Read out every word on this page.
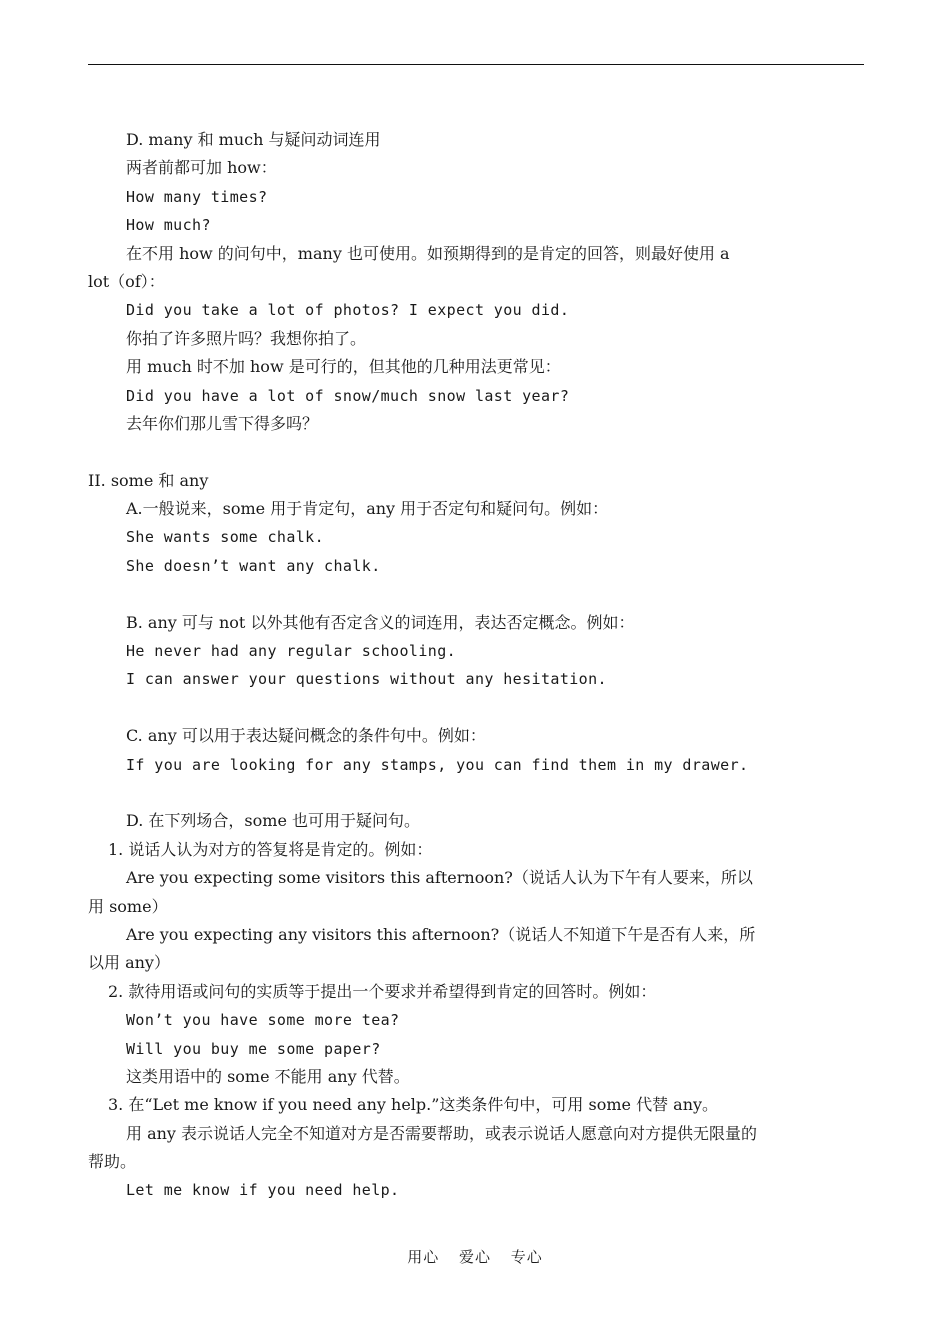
D. many 和 much 与疑问动词连用
两者前都可加 how：
How many times?
How much?
在不用 how 的问句中，many 也可使用。如预期得到的是肯定的回答，则最好使用 a
lot（of）：
Did you take a lot of photos? I expect you did.
你拍了许多照片吗？我想你拍了。
用 much 时不加 how 是可行的，但其他的几种用法更常见：
Did you have a lot of snow/much snow last year?
去年你们那儿雪下得多吗？
II. some 和 any
A.一般说来，some 用于肯定句，any 用于否定句和疑问句。例如：
She wants some chalk.
She doesn’t want any chalk.
B. any 可与 not 以外其他有否定含义的词连用，表达否定概念。例如：
He never had any regular schooling.
I can answer your questions without any hesitation.
C. any 可以用于表达疑问概念的条件句中。例如：
If you are looking for any stamps, you can find them in my drawer.
D. 在下列场合，some 也可用于疑问句。
1. 说话人认为对方的答复将是肯定的。例如：
Are you expecting some visitors this afternoon?（说话人认为下午有人要来，所以
用 some）
Are you expecting any visitors this afternoon?（说话人不知道下午是否有人来，所
以用 any）
2. 款待用语或问句的实质等于提出一个要求并希望得到肯定的回答时。例如：
Won’t you have some more tea?
Will you buy me some paper?
这类用语中的 some 不能用 any 代替。
3. 在“Let me know if you need any help.”这类条件句中，可用 some 代替 any。
用 any 表示说话人完全不知道对方是否需要帮助，或表示说话人愿意向对方提供无限量的
帮助。
Let me know if you need help.
用心 爱心 专心
